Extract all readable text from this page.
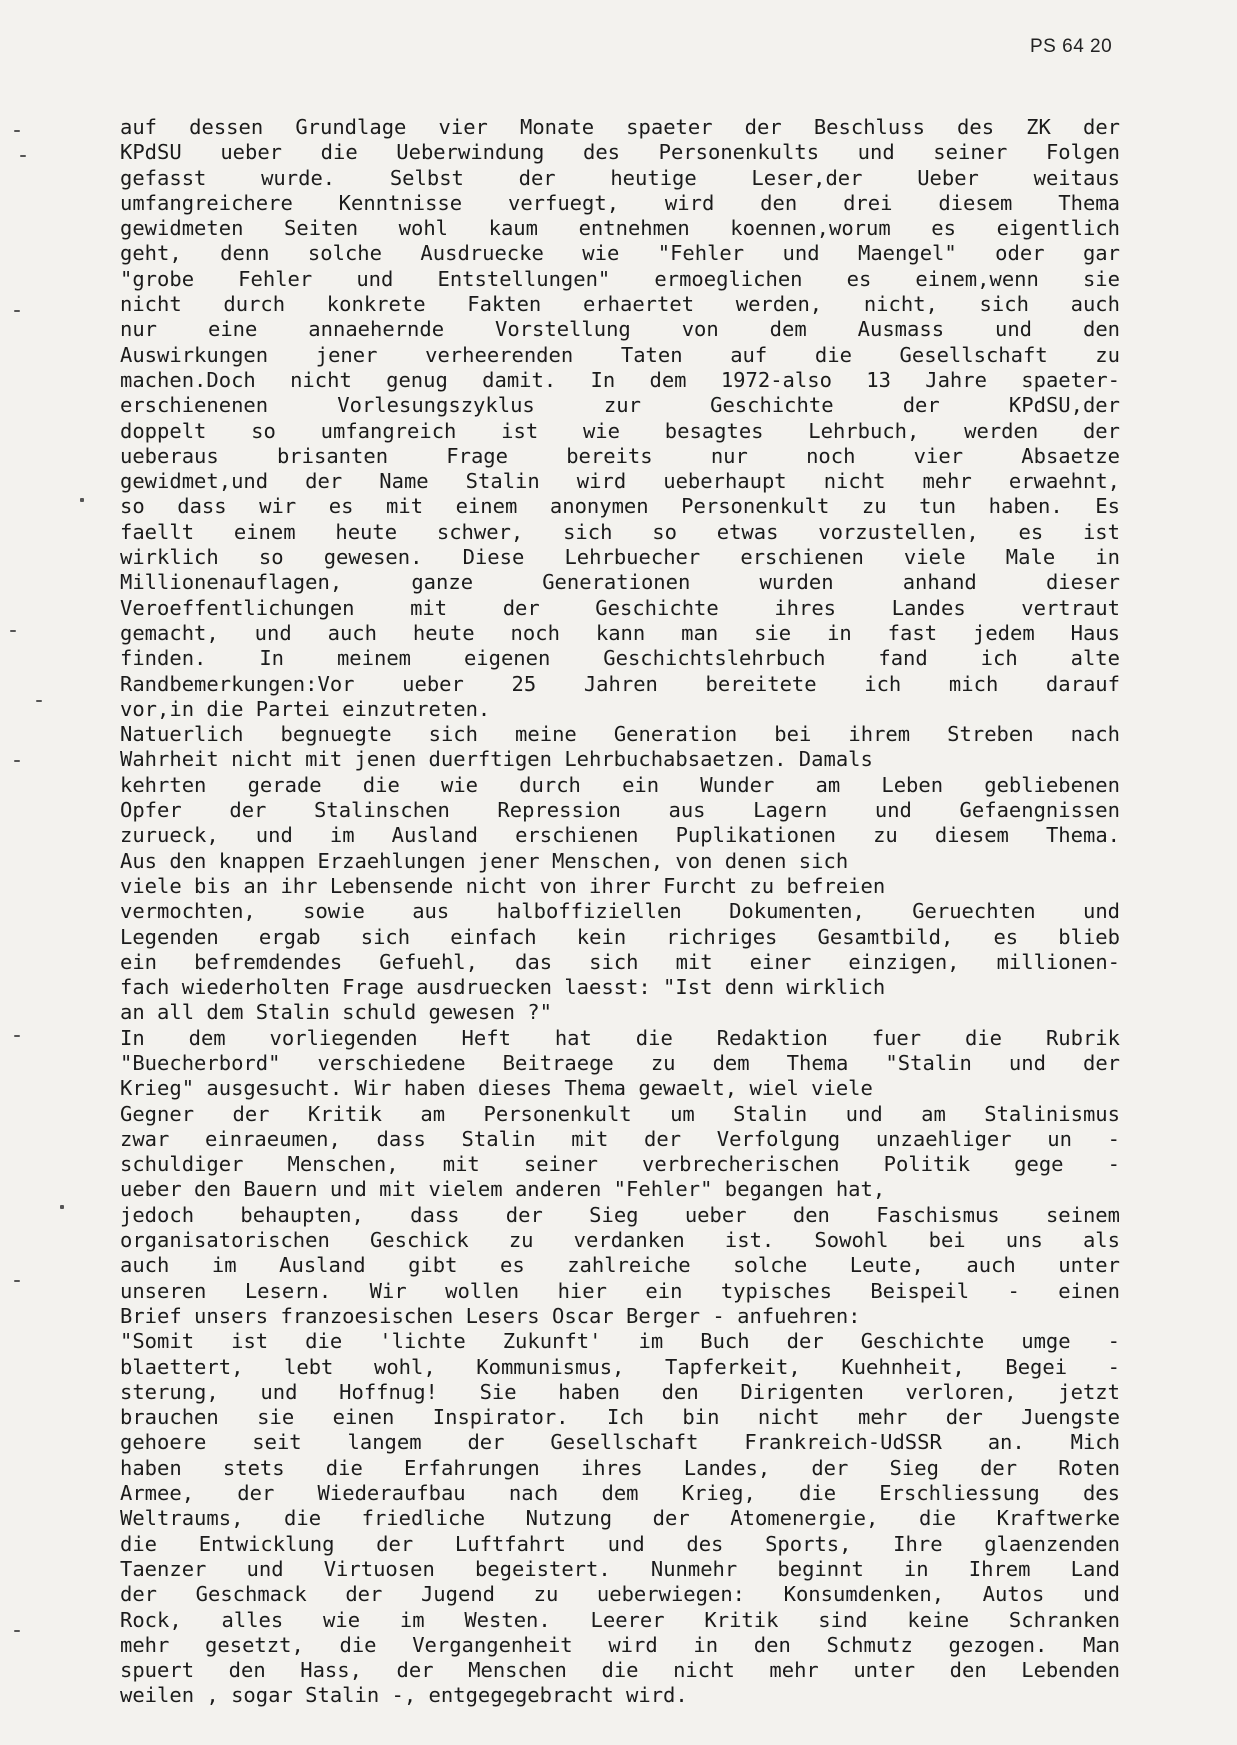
PS 64 20
auf dessen Grundlage vier Monate spaeter der Beschluss des ZK der
KPdSU ueber die Ueberwindung des Personenkults und seiner Folgen
gefasst wurde. Selbst der heutige Leser,der Ueber weitaus
umfangreichere Kenntnisse verfuegt, wird den drei diesem Thema
gewidmeten Seiten wohl kaum entnehmen koennen,worum es eigentlich
geht, denn solche Ausdruecke wie "Fehler und Maengel" oder gar
"grobe Fehler und Entstellungen" ermoeglichen es einem,wenn sie
nicht durch konkrete Fakten erhaertet werden, nicht, sich auch
nur eine annaehernde Vorstellung von dem Ausmass und den
Auswirkungen jener verheerenden Taten auf die Gesellschaft zu
machen.Doch nicht genug damit. In dem 1972-also 13 Jahre spaeter-
erschienenen Vorlesungszyklus zur Geschichte der KPdSU,der
doppelt so umfangreich ist wie besagtes Lehrbuch, werden der
ueberaus brisanten Frage bereits nur noch vier Absaetze
gewidmet,und der Name Stalin wird ueberhaupt nicht mehr erwaehnt,
so dass wir es mit einem anonymen Personenkult zu tun haben. Es
faellt einem heute schwer, sich so etwas vorzustellen, es ist
wirklich so gewesen. Diese Lehrbuecher erschienen viele Male in
Millionenauflagen, ganze Generationen wurden anhand dieser
Veroeffentlichungen mit der Geschichte ihres Landes vertraut
gemacht, und auch heute noch kann man sie in fast jedem Haus
finden. In meinem eigenen Geschichtslehrbuch fand ich alte
Randbemerkungen:Vor ueber 25 Jahren bereitete ich mich darauf
vor,in die Partei einzutreten.
Natuerlich begnuegte sich meine Generation bei ihrem Streben nach
Wahrheit nicht mit jenen duerftigen Lehrbuchabsaetzen. Damals
kehrten gerade die wie durch ein Wunder am Leben gebliebenen
Opfer der Stalinschen Repression aus Lagern und Gefaengnissen
zurueck, und im Ausland erschienen Puplikationen zu diesem Thema.
Aus den knappen Erzaehlungen jener Menschen, von denen sich
viele bis an ihr Lebensende nicht von ihrer Furcht zu befreien
vermochten, sowie aus halboffiziellen Dokumenten, Geruechten und
Legenden ergab sich einfach kein richriges Gesamtbild, es blieb
ein befremdendes Gefuehl, das sich mit einer einzigen, millionen-
fach wiederholten Frage ausdruecken laesst: "Ist denn wirklich
an all dem Stalin schuld gewesen ?"
In dem vorliegenden Heft hat die Redaktion fuer die Rubrik
"Buecherbord" verschiedene Beitraege zu dem Thema "Stalin und der
Krieg" ausgesucht. Wir haben dieses Thema gewaelt, wiel viele
Gegner der Kritik am Personenkult um Stalin und am Stalinismus
zwar einraeumen, dass Stalin mit der Verfolgung unzaehliger un -
schuldiger Menschen, mit seiner verbrecherischen Politik gege -
ueber den Bauern und mit vielem anderen "Fehler" begangen hat,
jedoch behaupten, dass der Sieg ueber den Faschismus seinem
organisatorischen Geschick zu verdanken ist. Sowohl bei uns als
auch im Ausland gibt es zahlreiche solche Leute, auch unter
unseren Lesern. Wir wollen hier ein typisches Beispeil - einen
Brief unsers franzoesischen Lesers Oscar Berger - anfuehren:
"Somit ist die 'lichte Zukunft' im Buch der Geschichte umge -
blaettert, lebt wohl, Kommunismus, Tapferkeit, Kuehnheit, Begei -
sterung, und Hoffnug! Sie haben den Dirigenten verloren, jetzt
brauchen sie einen Inspirator. Ich bin nicht mehr der Juengste
gehoere seit langem der Gesellschaft Frankreich-UdSSR an. Mich
haben stets die Erfahrungen ihres Landes, der Sieg der Roten
Armee, der Wiederaufbau nach dem Krieg, die Erschliessung des
Weltraums, die friedliche Nutzung der Atomenergie, die Kraftwerke
die Entwicklung der Luftfahrt und des Sports, Ihre glaenzenden
Taenzer und Virtuosen begeistert. Nunmehr beginnt in Ihrem Land
der Geschmack der Jugend zu ueberwiegen: Konsumdenken, Autos und
Rock, alles wie im Westen. Leerer Kritik sind keine Schranken
mehr gesetzt, die Vergangenheit wird in den Schmutz gezogen. Man
spuert den Hass, der Menschen die nicht mehr unter den Lebenden
weilen , sogar Stalin -, entgegegebracht wird.
